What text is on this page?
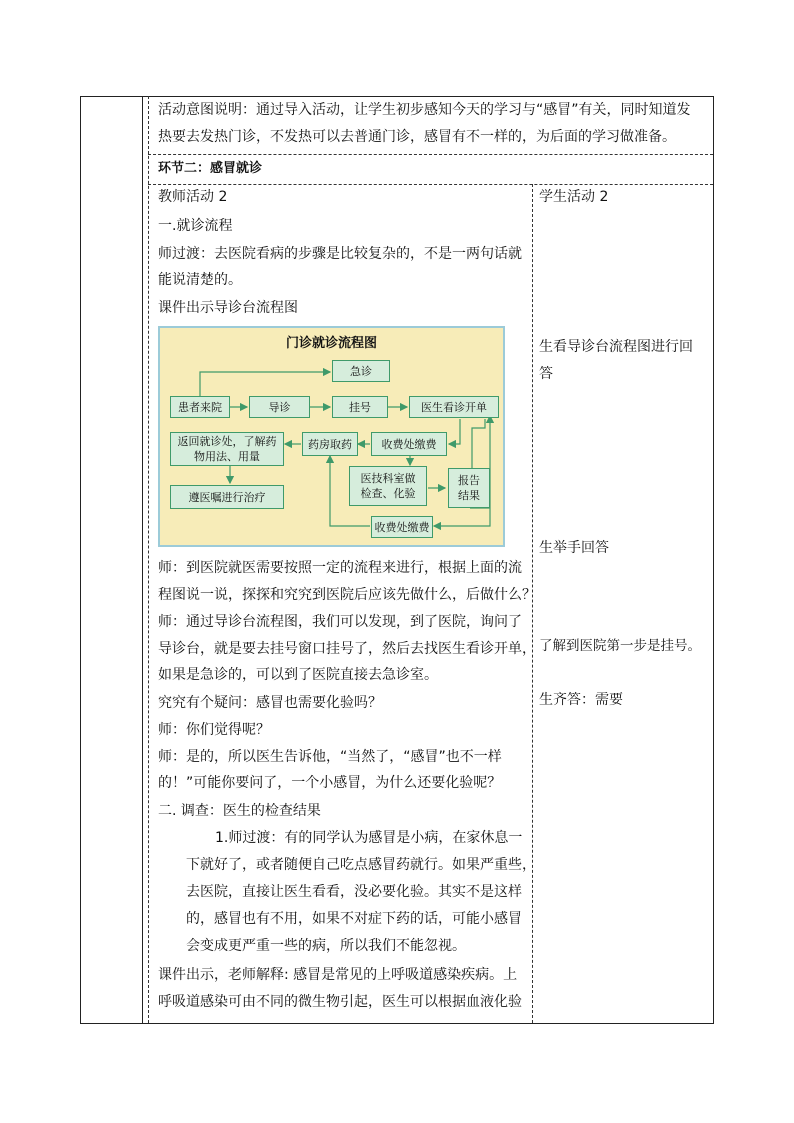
活动意图说明：通过导入活动，让学生初步感知今天的学习与“感冒”有关，同时知道发
热要去发热门诊，不发热可以去普通门诊，感冒有不一样的，为后面的学习做准备。
环节二：感冒就诊
教师活动 2
一.就诊流程
师过渡：去医院看病的步骤是比较复杂的，不是一两句话就
能说清楚的。
课件出示导诊台流程图
门诊就诊流程图
急诊
患者来院	导诊	挂号	医生看诊开单
返回就诊处，了解药物用法、用量
药房取药	收费处缴费
医技科室做检查、化验
报告结果
遵医嘱进行治疗
收费处缴费
师：到医院就医需要按照一定的流程来进行，根据上面的流
程图说一说，探探和究究到医院后应该先做什么，后做什么？
师：通过导诊台流程图，我们可以发现，到了医院，询问了
导诊台，就是要去挂号窗口挂号了，然后去找医生看诊开单，
如果是急诊的，可以到了医院直接去急诊室。
究究有个疑问：感冒也需要化验吗？
师：你们觉得呢？
师：是的，所以医生告诉他，“当然了，“感冒”也不一样
的！”可能你要问了，一个小感冒，为什么还要化验呢？
二. 调查：医生的检查结果
1.师过渡：有的同学认为感冒是小病，在家休息一
下就好了，或者随便自己吃点感冒药就行。如果严重些，
去医院，直接让医生看看，没必要化验。其实不是这样
的，感冒也有不用，如果不对症下药的话，可能小感冒
会变成更严重一些的病，所以我们不能忽视。
课件出示，老师解释: 感冒是常见的上呼吸道感染疾病。上
呼吸道感染可由不同的微生物引起，医生可以根据血液化验
学生活动 2
生看导诊台流程图进行回
答
生举手回答
了解到医院第一步是挂号。
生齐答：需要
